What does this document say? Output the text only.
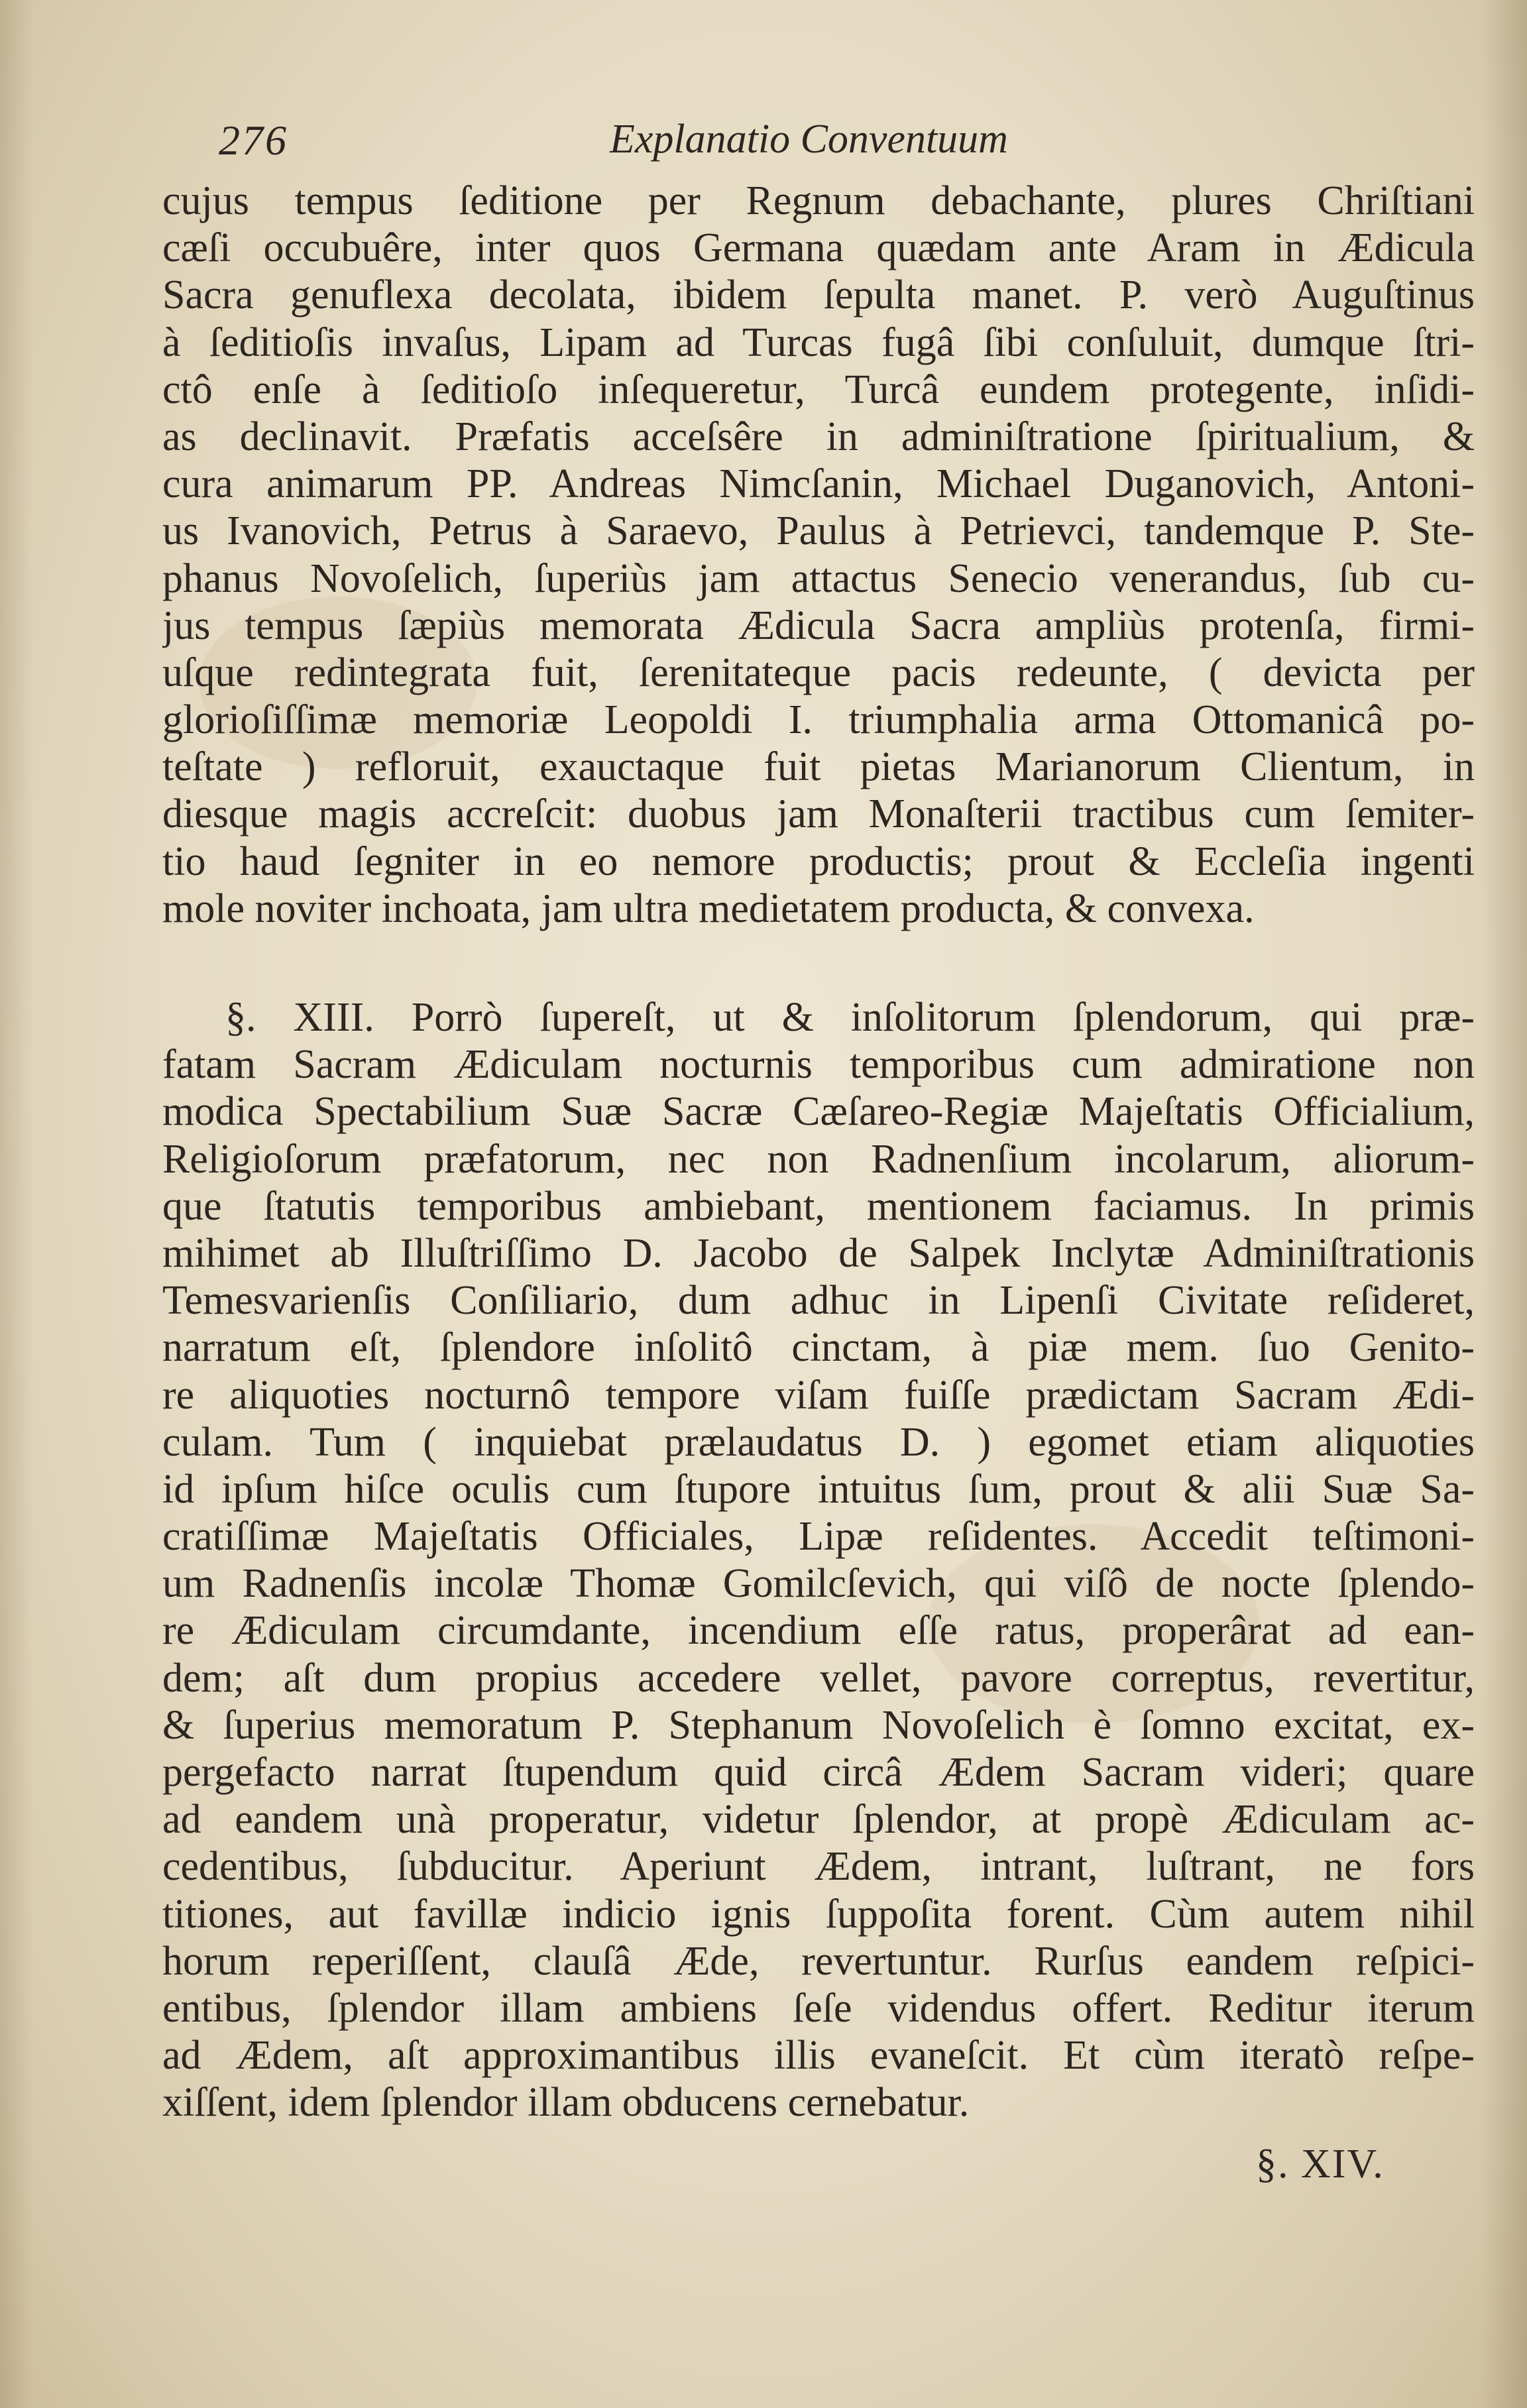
276	Explanatio Conventuum
cujus tempus ſeditione per Regnum debachante, plures Chriſtiani
cæſi occubuêre, inter quos Germana quædam ante Aram in Ædicula
Sacra genuflexa decolata, ibidem ſepulta manet. P. verò Auguſtinus
à ſeditioſis invaſus, Lipam ad Turcas fugâ ſibi conſuluit, dumque ſtri-
ctô enſe à ſeditioſo inſequeretur, Turcâ eundem protegente, inſidi-
as declinavit. Præfatis acceſsêre in adminiſtratione ſpiritualium, &
cura animarum PP. Andreas Nimcſanin, Michael Duganovich, Antoni-
us Ivanovich, Petrus à Saraevo, Paulus à Petrievci, tandemque P. Ste-
phanus Novoſelich, ſuperiùs jam attactus Senecio venerandus, ſub cu-
jus tempus ſæpiùs memorata Ædicula Sacra ampliùs protenſa, firmi-
uſque redintegrata fuit, ſerenitateque pacis redeunte, ( devicta per
glorioſiſſimæ memoriæ Leopoldi I. triumphalia arma Ottomanicâ po-
teſtate ) refloruit, exauctaque fuit pietas Marianorum Clientum, in
diesque magis accreſcit: duobus jam Monaſterii tractibus cum ſemiter-
tio haud ſegniter in eo nemore productis; prout & Eccleſia ingenti
mole noviter inchoata, jam ultra medietatem producta, & convexa.
§. XIII. Porrò ſupereſt, ut & inſolitorum ſplendorum, qui præ-
fatam Sacram Ædiculam nocturnis temporibus cum admiratione non
modica Spectabilium Suæ Sacræ Cæſareo-Regiæ Majeſtatis Officialium,
Religioſorum præfatorum, nec non Radnenſium incolarum, aliorum-
que ſtatutis temporibus ambiebant, mentionem faciamus. In primis
mihimet ab Illuſtriſſimo D. Jacobo de Salpek Inclytæ Adminiſtrationis
Temesvarienſis Conſiliario, dum adhuc in Lipenſi Civitate reſideret,
narratum eſt, ſplendore inſolitô cinctam, à piæ mem. ſuo Genito-
re aliquoties nocturnô tempore viſam fuiſſe prædictam Sacram Ædi-
culam. Tum ( inquiebat prælaudatus D. ) egomet etiam aliquoties
id ipſum hiſce oculis cum ſtupore intuitus ſum, prout & alii Suæ Sa-
cratiſſimæ Majeſtatis Officiales, Lipæ reſidentes. Accedit teſtimoni-
um Radnenſis incolæ Thomæ Gomilcſevich, qui viſô de nocte ſplendo-
re Ædiculam circumdante, incendium eſſe ratus, properârat ad ean-
dem; aſt dum propius accedere vellet, pavore correptus, revertitur,
& ſuperius memoratum P. Stephanum Novoſelich è ſomno excitat, ex-
pergefacto narrat ſtupendum quid circâ Ædem Sacram videri; quare
ad eandem unà properatur, videtur ſplendor, at propè Ædiculam ac-
cedentibus, ſubducitur. Aperiunt Ædem, intrant, luſtrant, ne fors
titiones, aut favillæ indicio ignis ſuppoſita forent. Cùm autem nihil
horum reperiſſent, clauſâ Æde, revertuntur. Rurſus eandem reſpici-
entibus, ſplendor illam ambiens ſeſe videndus offert. Reditur iterum
ad Ædem, aſt approximantibus illis evaneſcit. Et cùm iteratò reſpe-
xiſſent, idem ſplendor illam obducens cernebatur.
§. XIV.
